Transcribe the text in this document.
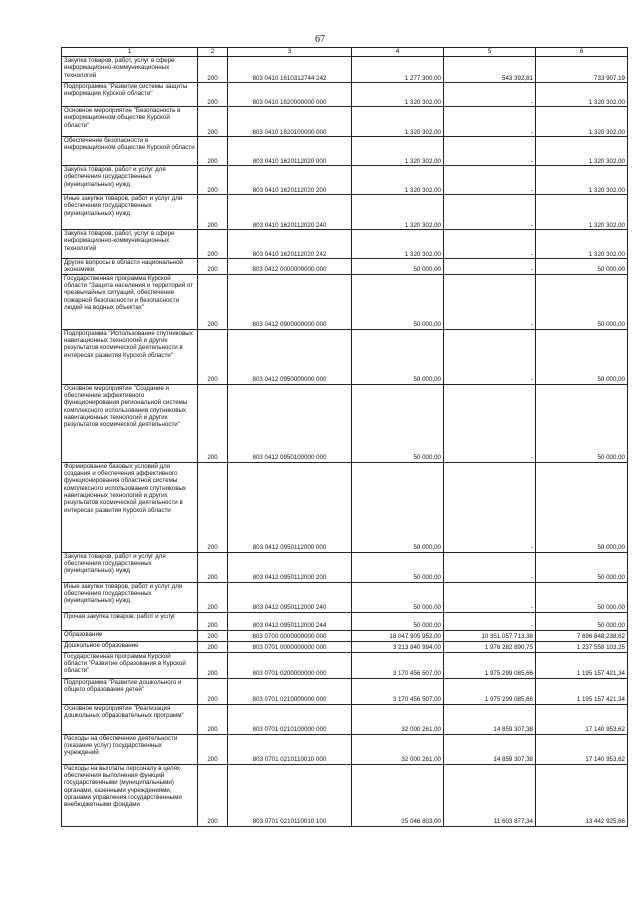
67
1	2	3	4	5	6
Закупка товаров, работ, услуг в сфере информационно-коммуникационных технологий	200	803 0410 1610312744 242	1 277 300,00	543 392,81	733 907,19
Подпрограмма "Развитие системы защиты информации Курской области"	200	803 0410 1620000000 000	1 320 302,00	-	1 320 302,00
Основное мероприятие "Безопасность в информационном обществе Курской области"	200	803 0410 1620100000 000	1 320 302,00	-	1 320 302,00
Обеспечение безопасности в информационном обществе Курской области	200	803 0410 1620112020 000	1 320 302,00	-	1 320 302,00
Закупка товаров, работ и услуг для обеспечения государственных (муниципальных) нужд	200	803 0410 1620112020 200	1 320 302,00	-	1 320 302,00
Иные закупки товаров, работ и услуг для обеспечения государственных (муниципальных) нужд	200	803 0410 1620112020 240	1 320 302,00	-	1 320 302,00
Закупка товаров, работ, услуг в сфере информационно-коммуникационных технологий	200	803 0410 1620112020 242	1 320 302,00	-	1 320 302,00
Другие вопросы в области национальной экономики	200	803 0412 0000000000 000	50 000,00	-	50 000,00
Государственная программа Курской области "Защита населения и территорий от чрезвычайных ситуаций, обеспечение пожарной безопасности и безопасности людей на водных объектах"	200	803 0412 0900000000 000	50 000,00	-	50 000,00
Подпрограмма "Использование спутниковых навигационных технологий и других результатов космической деятельности в интересах развития Курской области"	200	803 0412 0950000000 000	50 000,00	-	50 000,00
Основное мероприятие "Создание и обеспечение эффективного функционирования региональной системы комплексного использования спутниковых навигационных технологий и других результатов космической деятельности"	200	803 0412 0950100000 000	50 000,00	-	50 000,00
Формирование базовых условий для создания и обеспечения эффективного функционирования областной системы комплексного использования спутниковых навигационных технологий и других результатов космической деятельности в интересах развития Курской области	200	803 0412 0950112000 000	50 000,00	-	50 000,00
Закупка товаров, работ и услуг для обеспечения государственных (муниципальных) нужд	200	803 0412 0950112000 200	50 000,00	-	50 000,00
Иные закупки товаров, работ и услуг для обеспечения государственных (муниципальных) нужд	200	803 0412 0950112000 240	50 000,00	-	50 000,00
Прочая закупка товаров, работ и услуг	200	803 0412 0950112000 244	50 000,00	-	50 000,00
Образование	200	803 0700 0000000000 000	18 047 905 952,00	10 351 057 713,38	7 696 848 238,62
Дошкольное образование	200	803 0701 0000000000 000	3 213 840 994,00	1 976 282 890,75	1 237 558 103,25
Государственная программа Курской области "Развитие образования в Курской области"	200	803 0701 0200000000 000	3 170 456 507,00	1 975 299 085,66	1 195 157 421,34
Подпрограмма "Развитие дошкольного и общего образования детей"	200	803 0701 0210000000 000	3 170 456 507,00	1 975 299 085,66	1 195 157 421,34
Основное мероприятие "Реализация дошкольных образовательных программ"	200	803 0701 0210100000 000	32 000 261,00	14 859 307,38	17 140 953,62
Расходы на обеспечение деятельности (оказание услуг) государственных учреждений	200	803 0701 0210110010 000	32 000 261,00	14 859 307,38	17 140 953,62
Расходы на выплаты персоналу в целях обеспечения выполнения функций государственными (муниципальными) органами, казенными учреждениями, органами управления государственными внебюджетными фондами	200	803 0701 0210110010 100	25 046 803,00	11 603 877,34	13 442 925,66
